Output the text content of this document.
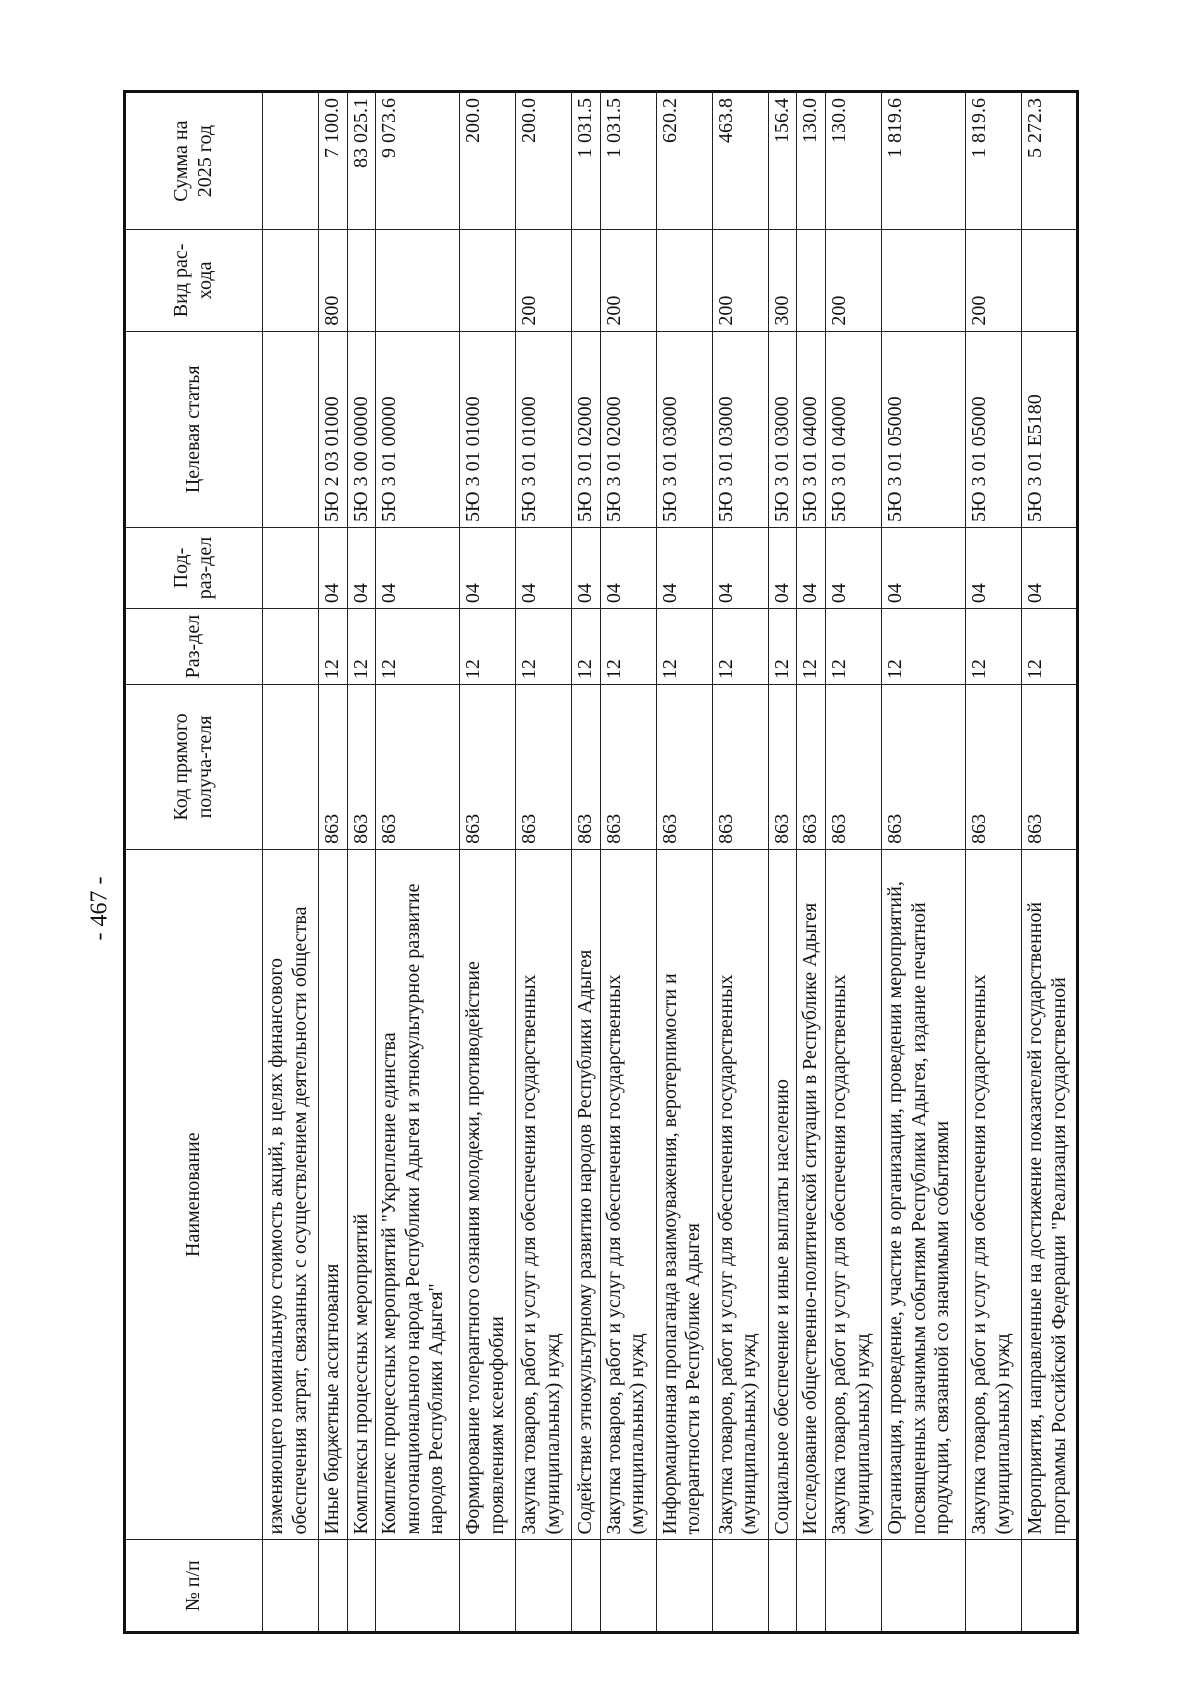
- 467 -
№ п/п	Наименование	Код прямого получа-теля	Раз-дел	Под-раз-дел	Целевая статья	Вид рас-хода	Сумма на 2025 год
	изменяющего номинальную стоимость акций, в целях финансового обеспечения затрат, связанных с осуществлением деятельности общества						
	Иные бюджетные ассигнования	863	12	04	5Ю 2 03 01000	800	7 100.0
	Комплексы процессных мероприятий	863	12	04	5Ю 3 00 00000		83 025.1
	Комплекс процессных мероприятий "Укрепление единства многонационального народа Республики Адыгея и этнокультурное развитие народов Республики Адыгея"	863	12	04	5Ю 3 01 00000		9 073.6
	Формирование толерантного сознания молодежи, противодействие проявлениям ксенофобии	863	12	04	5Ю 3 01 01000		200.0
	Закупка товаров, работ и услуг для обеспечения государственных (муниципальных) нужд	863	12	04	5Ю 3 01 01000	200	200.0
	Содействие этнокультурному развитию народов Республики Адыгея	863	12	04	5Ю 3 01 02000		1 031.5
	Закупка товаров, работ и услуг для обеспечения государственных (муниципальных) нужд	863	12	04	5Ю 3 01 02000	200	1 031.5
	Информационная пропаганда взаимоуважения, веротерпимости и толерантности в Республике Адыгея	863	12	04	5Ю 3 01 03000		620.2
	Закупка товаров, работ и услуг для обеспечения государственных (муниципальных) нужд	863	12	04	5Ю 3 01 03000	200	463.8
	Социальное обеспечение и иные выплаты населению	863	12	04	5Ю 3 01 03000	300	156.4
	Исследование общественно-политической ситуации в Республике Адыгея	863	12	04	5Ю 3 01 04000		130.0
	Закупка товаров, работ и услуг для обеспечения государственных (муниципальных) нужд	863	12	04	5Ю 3 01 04000	200	130.0
	Организация, проведение, участие в организации, проведении мероприятий, посвященных значимым событиям Республики Адыгея, издание печатной продукции, связанной со значимыми событиями	863	12	04	5Ю 3 01 05000		1 819.6
	Закупка товаров, работ и услуг для обеспечения государственных (муниципальных) нужд	863	12	04	5Ю 3 01 05000	200	1 819.6
	Мероприятия, направленные на достижение показателей государственной программы Российской Федерации "Реализация государственной	863	12	04	5Ю 3 01 Е5180		5 272.3
